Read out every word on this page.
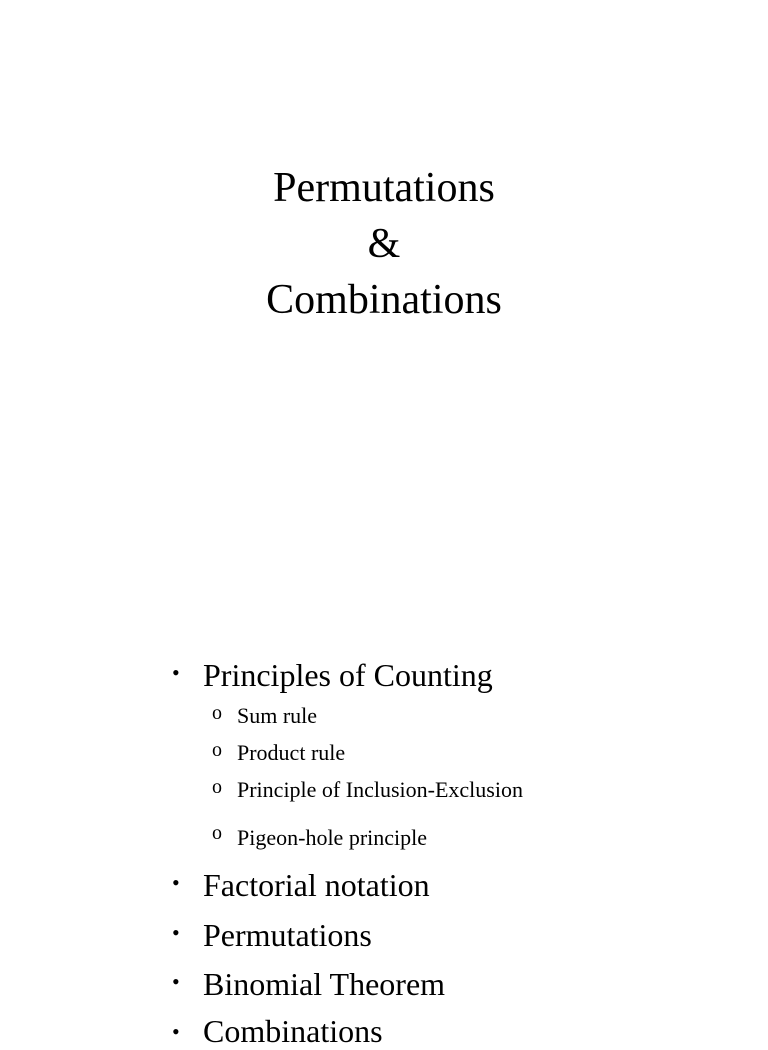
Permutations
&
Combinations
• Principles of Counting
o Sum rule
o Product rule
o Principle of Inclusion-Exclusion
o Pigeon-hole principle
• Factorial notation
• Permutations
• Binomial Theorem
• Combinations
